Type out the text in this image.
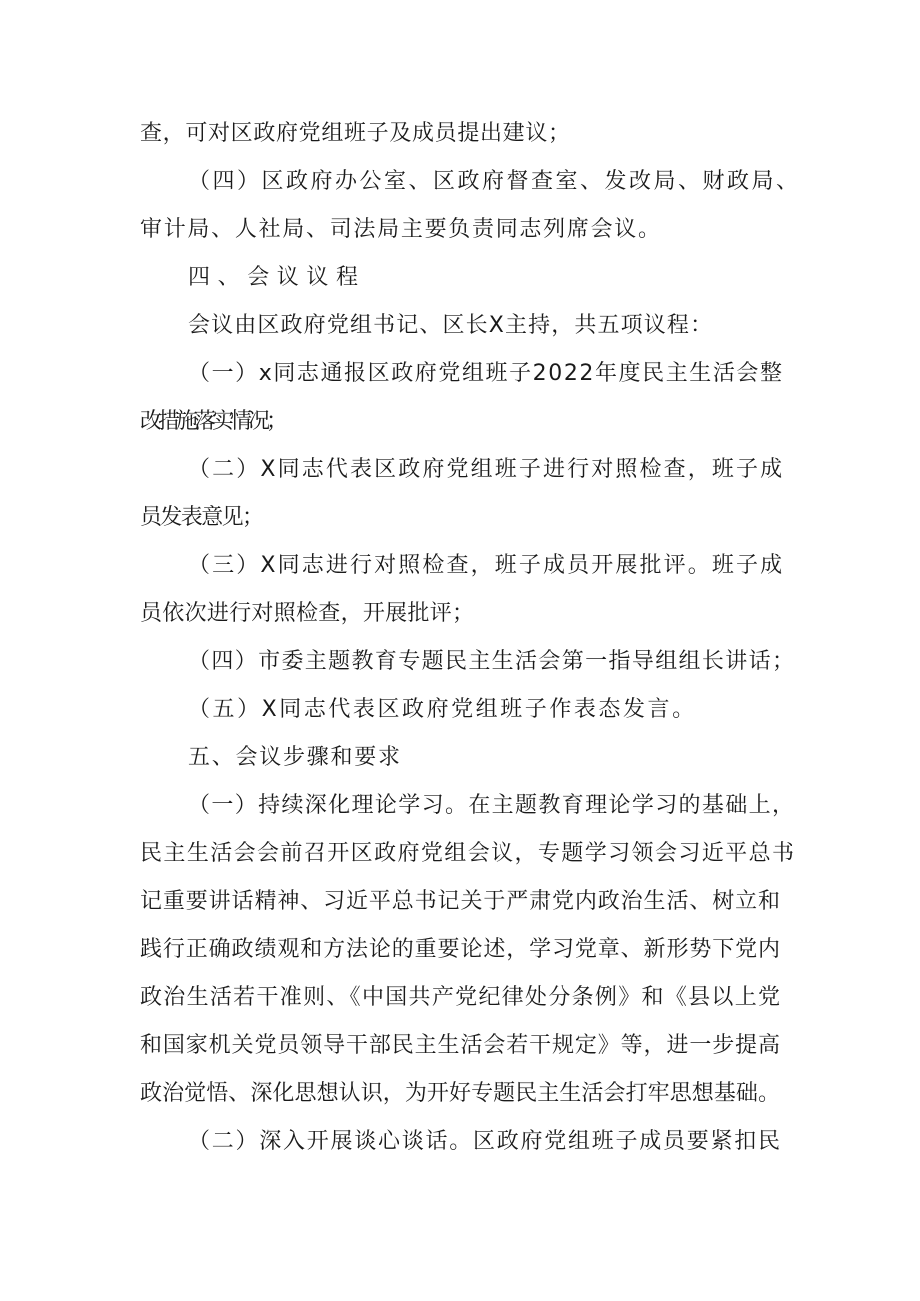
查，可对区政府党组班子及成员提出建议；
（四）区政府办公室、区政府督查室、发改局、财政局、
审计局、人社局、司法局主要负责同志列席会议。
四、会议议程
会议由区政府党组书记、区长X主持，共五项议程：
（一）x同志通报区政府党组班子2022年度民主生活会整
改措施落实情况；
（二）X同志代表区政府党组班子进行对照检查，班子成
员发表意见；
（三）X同志进行对照检查，班子成员开展批评。班子成
员依次进行对照检查，开展批评；
（四）市委主题教育专题民主生活会第一指导组组长讲话；
（五）X同志代表区政府党组班子作表态发言。
五、会议步骤和要求
（一）持续深化理论学习。在主题教育理论学习的基础上，
民主生活会会前召开区政府党组会议，专题学习领会习近平总书
记重要讲话精神、习近平总书记关于严肃党内政治生活、树立和
践行正确政绩观和方法论的重要论述，学习党章、新形势下党内
政治生活若干准则、《中国共产党纪律处分条例》和《县以上党
和国家机关党员领导干部民主生活会若干规定》等，进一步提高
政治觉悟、深化思想认识，为开好专题民主生活会打牢思想基础。
（二）深入开展谈心谈话。区政府党组班子成员要紧扣民
